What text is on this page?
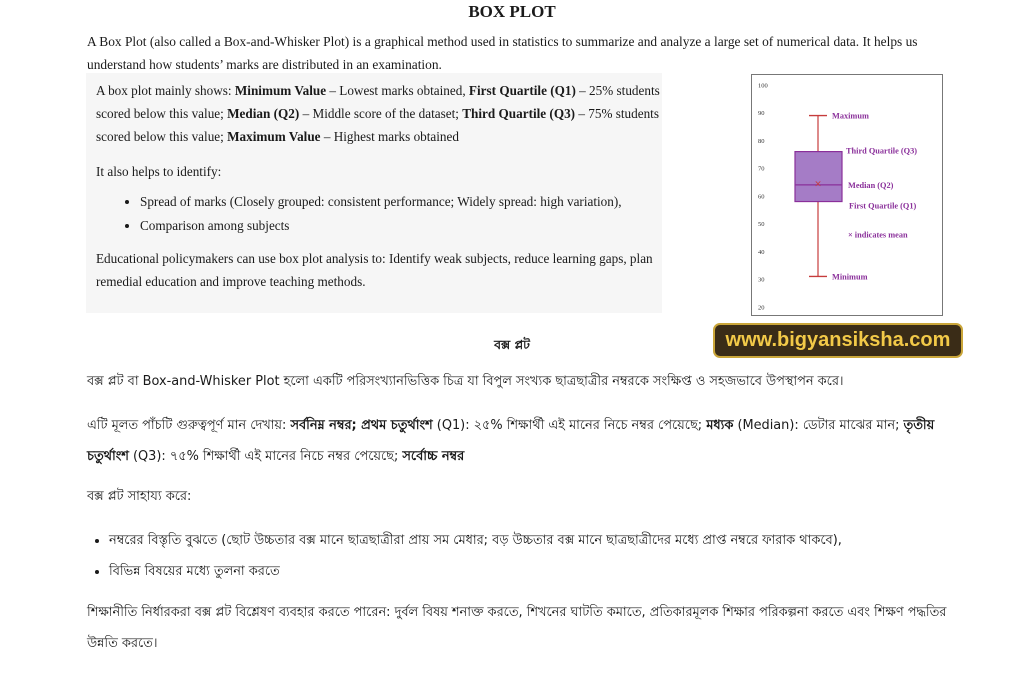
BOX PLOT
A Box Plot (also called a Box-and-Whisker Plot) is a graphical method used in statistics to summarize and analyze a large set of numerical data. It helps us understand how students’ marks are distributed in an examination.

A box plot mainly shows: Minimum Value – Lowest marks obtained, First Quartile (Q1) – 25% students scored below this value; Median (Q2) – Middle score of the dataset; Third Quartile (Q3) – 75% students scored below this value; Maximum Value – Highest marks obtained

It also helps to identify:

• Spread of marks (Closely grouped: consistent performance; Widely spread: high variation),
• Comparison among subjects

Educational policymakers can use box plot analysis to: Identify weak subjects, reduce learning gaps, plan remedial education and improve teaching methods.

100
90
80
70
60
50
40
30
20
×
Maximum
Third Quartile (Q3)
Median (Q2)
First Quartile (Q1)
× indicates mean
Minimum
বক্স প্লট	www.bigyansiksha.com
বক্স প্লট বা Box-and-Whisker Plot হলো একটি পরিসংখ্যানভিত্তিক চিত্র যা বিপুল সংখ্যক ছাত্রছাত্রীর নম্বরকে সংক্ষিপ্ত ও সহজভাবে উপস্থাপন করে।
এটি মূলত পাঁচটি গুরুত্বপূর্ণ মান দেখায়: সর্বনিম্ন নম্বর; প্রথম চতুর্থাংশ (Q1): ২৫% শিক্ষার্থী এই মানের নিচে নম্বর পেয়েছে; মধ্যক (Median): ডেটার মাঝের মান; তৃতীয় চতুর্থাংশ (Q3): ৭৫% শিক্ষার্থী এই মানের নিচে নম্বর পেয়েছে; সর্বোচ্চ নম্বর
বক্স প্লট সাহায্য করে:
• নম্বরের বিস্তৃতি বুঝতে (ছোট উচ্চতার বক্স মানে ছাত্রছাত্রীরা প্রায় সম মেধার; বড় উচ্চতার বক্স মানে ছাত্রছাত্রীদের মধ্যে প্রাপ্ত নম্বরে ফারাক থাকবে),
• বিভিন্ন বিষয়ের মধ্যে তুলনা করতে
শিক্ষানীতি নির্ধারকরা বক্স প্লট বিশ্লেষণ ব্যবহার করতে পারেন: দুর্বল বিষয় শনাক্ত করতে, শিখনের ঘাটতি কমাতে, প্রতিকারমূলক শিক্ষার পরিকল্পনা করতে এবং শিক্ষণ পদ্ধতির উন্নতি করতে।
